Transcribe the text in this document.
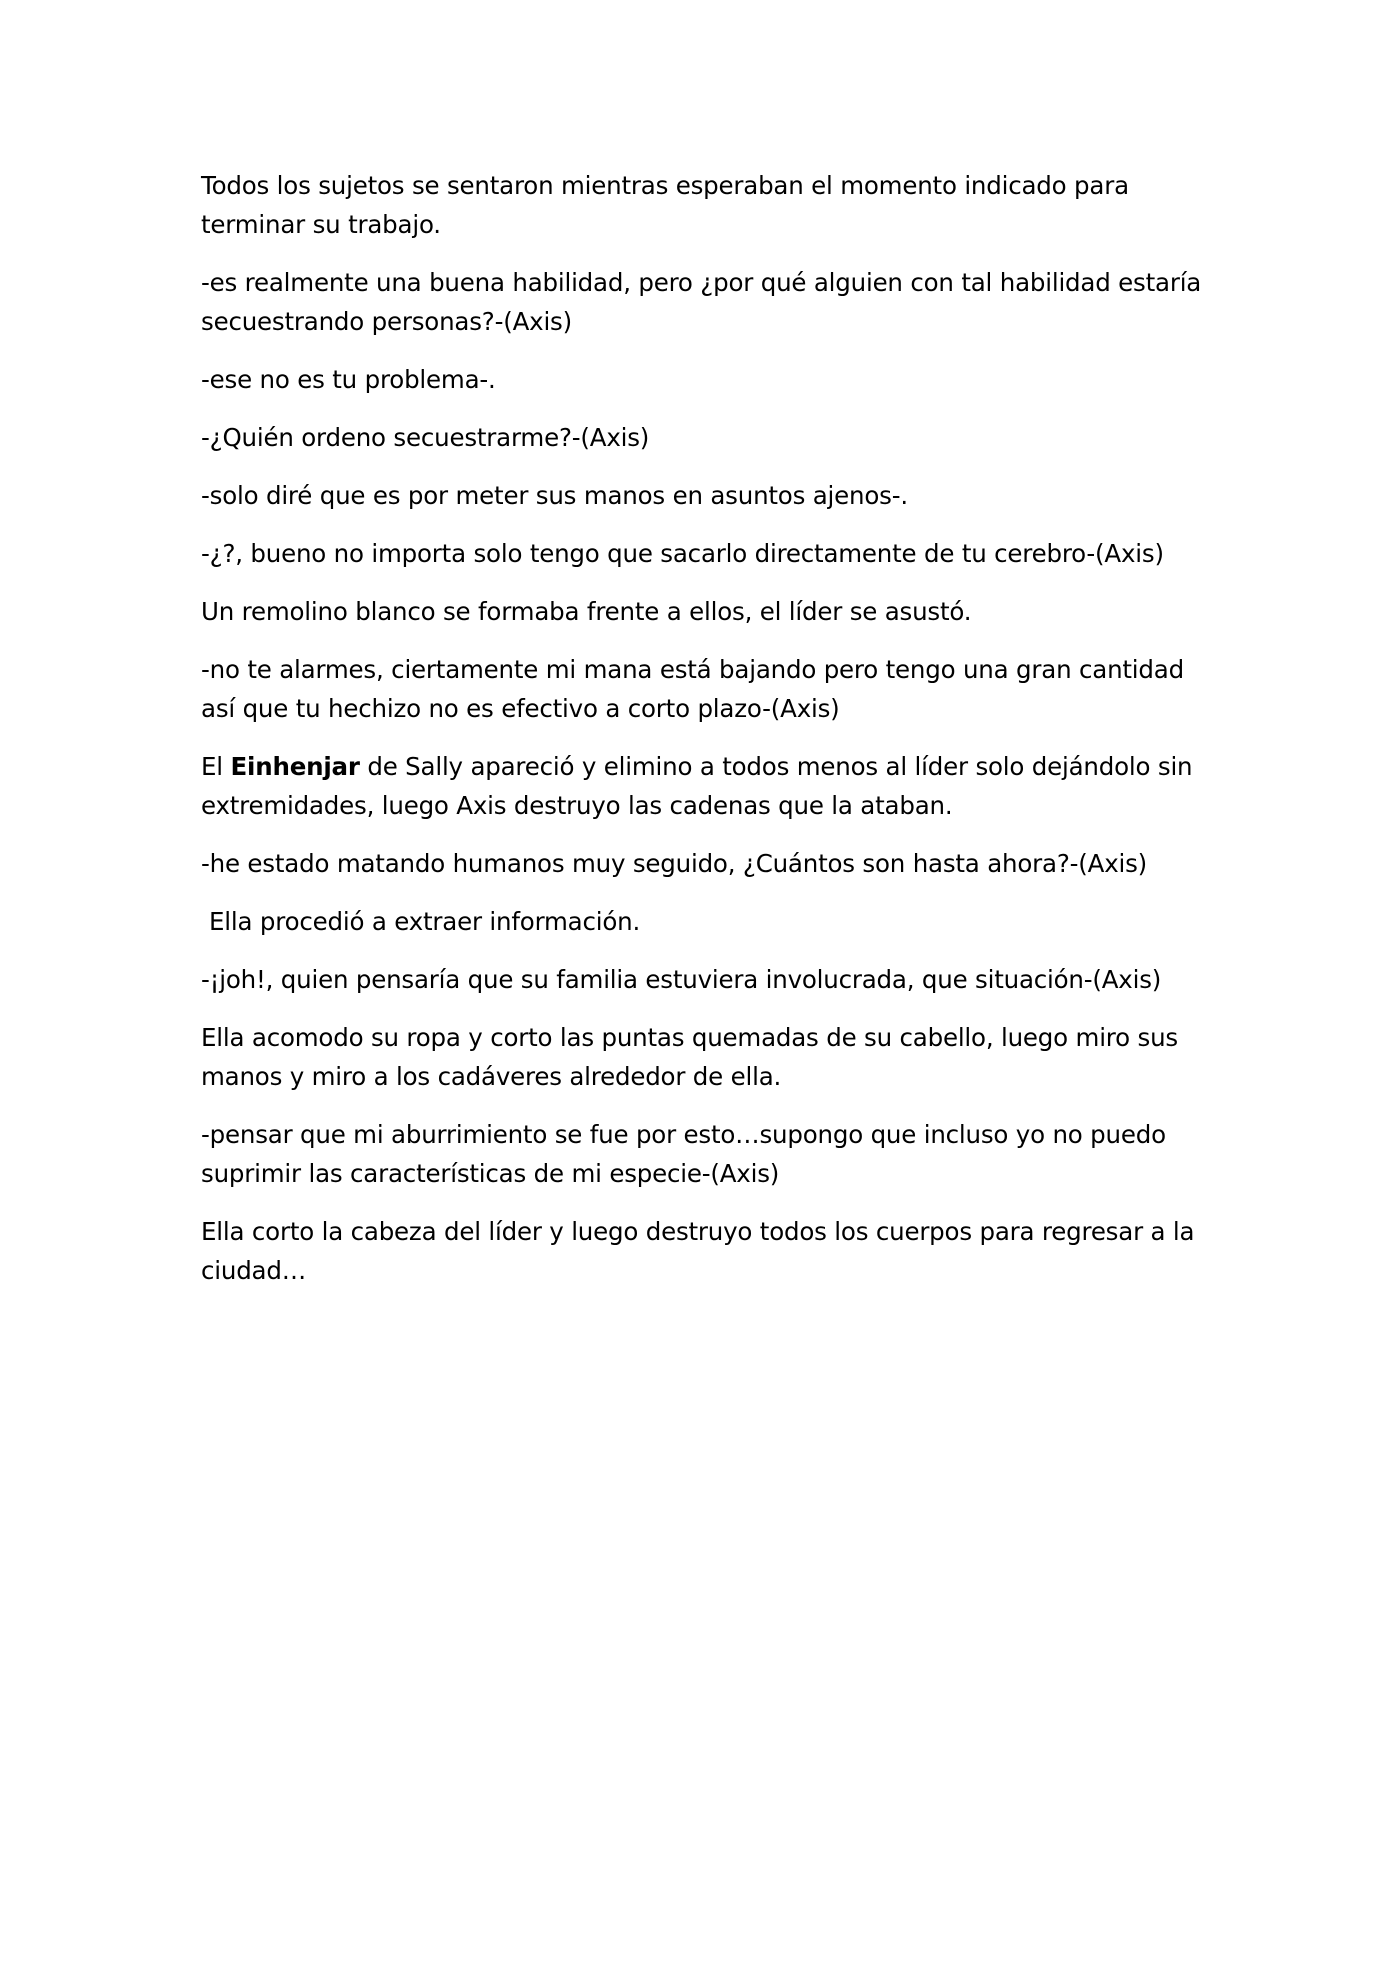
Todos los sujetos se sentaron mientras esperaban el momento indicado para terminar su trabajo.

-es realmente una buena habilidad, pero ¿por qué alguien con tal habilidad estaría secuestrando personas?-(Axis)

-ese no es tu problema-.

-¿Quién ordeno secuestrarme?-(Axis)

-solo diré que es por meter sus manos en asuntos ajenos-.

-¿?, bueno no importa solo tengo que sacarlo directamente de tu cerebro-(Axis)

Un remolino blanco se formaba frente a ellos, el líder se asustó.

-no te alarmes, ciertamente mi mana está bajando pero tengo una gran cantidad así que tu hechizo no es efectivo a corto plazo-(Axis)

El Einhenjar de Sally apareció y elimino a todos menos al líder solo dejándolo sin extremidades, luego Axis destruyo las cadenas que la ataban.

-he estado matando humanos muy seguido, ¿Cuántos son hasta ahora?-(Axis)

Ella procedió a extraer información.

-¡joh!, quien pensaría que su familia estuviera involucrada, que situación-(Axis)

Ella acomodo su ropa y corto las puntas quemadas de su cabello, luego miro sus manos y miro a los cadáveres alrededor de ella.

-pensar que mi aburrimiento se fue por esto…supongo que incluso yo no puedo suprimir las características de mi especie-(Axis)

Ella corto la cabeza del líder y luego destruyo todos los cuerpos para regresar a la ciudad…
